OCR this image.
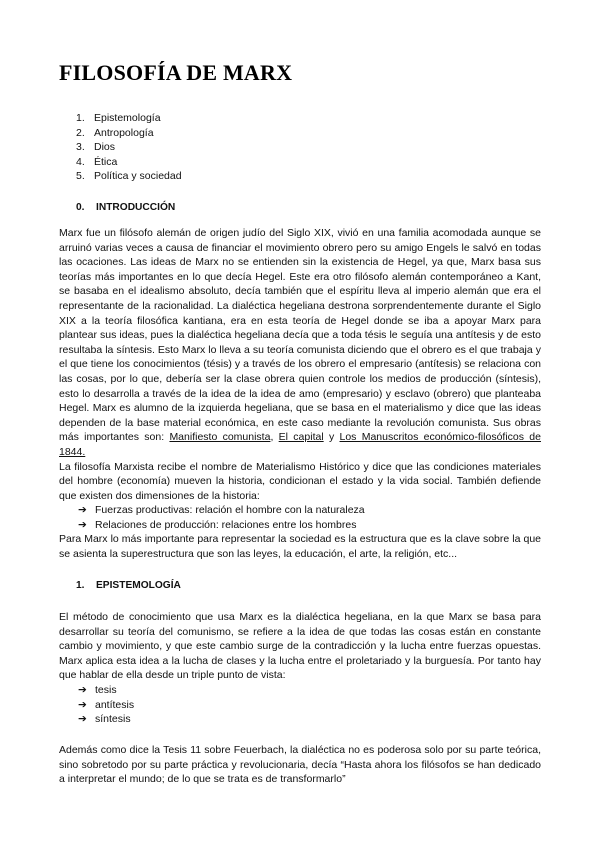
FILOSOFÍA DE MARX
1. Epistemología
2. Antropología
3. Dios
4. Ética
5. Política y sociedad
0.	INTRODUCCIÓN

Marx fue un filósofo alemán de origen judío del Siglo XIX, vivió en una familia acomodada aunque se arruinó varias veces a causa de financiar el movimiento obrero pero su amigo Engels le salvó en todas las ocaciones. Las ideas de Marx no se entienden sin la existencia de Hegel, ya que, Marx basa sus teorías más importantes en lo que decía Hegel. Este era otro filósofo alemán contemporáneo a Kant, se basaba en el idealismo absoluto, decía también que el espíritu lleva al imperio alemán que era el representante de la racionalidad. La dialéctica hegeliana destrona sorprendentemente durante el Siglo XIX a la teoría filosófica kantiana, era en esta teoría de Hegel donde se iba a apoyar Marx para plantear sus ideas, pues la dialéctica hegeliana decía que a toda tésis le seguía una antítesis y de esto resultaba la síntesis. Esto Marx lo lleva a su teoría comunista diciendo que el obrero es el que trabaja y el que tiene los conocimientos (tésis) y a través de los obrero el empresario (antítesis) se relaciona con las cosas, por lo que, debería ser la clase obrera quien controle los medios de producción (síntesis), esto lo desarrolla a través de la idea de la idea de amo (empresario) y esclavo (obrero) que planteaba Hegel. Marx es alumno de la izquierda hegeliana, que se basa en el materialismo y dice que las ideas dependen de la base material económica, en este caso mediante la revolución comunista. Sus obras más importantes son: Manifiesto comunista, El capital y Los Manuscritos económico-filosóficos de 1844.

La filosofía Marxista recibe el nombre de Materialismo Histórico y dice que las condiciones materiales del hombre (economía) mueven la historia, condicionan el estado y la vida social. También defiende que existen dos dimensiones de la historia:

➔ Fuerzas productivas: relación el hombre con la naturaleza
➔ Relaciones de producción: relaciones entre los hombres

Para Marx lo más importante para representar la sociedad es la estructura que es la clave sobre la que se asienta la superestructura que son las leyes, la educación, el arte, la religión, etc...

1.	EPISTEMOLOGÍA

El método de conocimiento que usa Marx es la dialéctica hegeliana, en la que Marx se basa para desarrollar su teoría del comunismo, se refiere a la idea de que todas las cosas están en constante cambio y movimiento, y que este cambio surge de la contradicción y la lucha entre fuerzas opuestas. Marx aplica esta idea a la lucha de clases y la lucha entre el proletariado y la burguesía. Por tanto hay que hablar de ella desde un triple punto de vista:

➔ tesis
➔ antítesis
➔ síntesis

Además como dice la Tesis 11 sobre Feuerbach, la dialéctica no es poderosa solo por su parte teórica, sino sobretodo por su parte práctica y revolucionaria, decía “Hasta ahora los filósofos se han dedicado a interpretar el mundo; de lo que se trata es de transformarlo”
